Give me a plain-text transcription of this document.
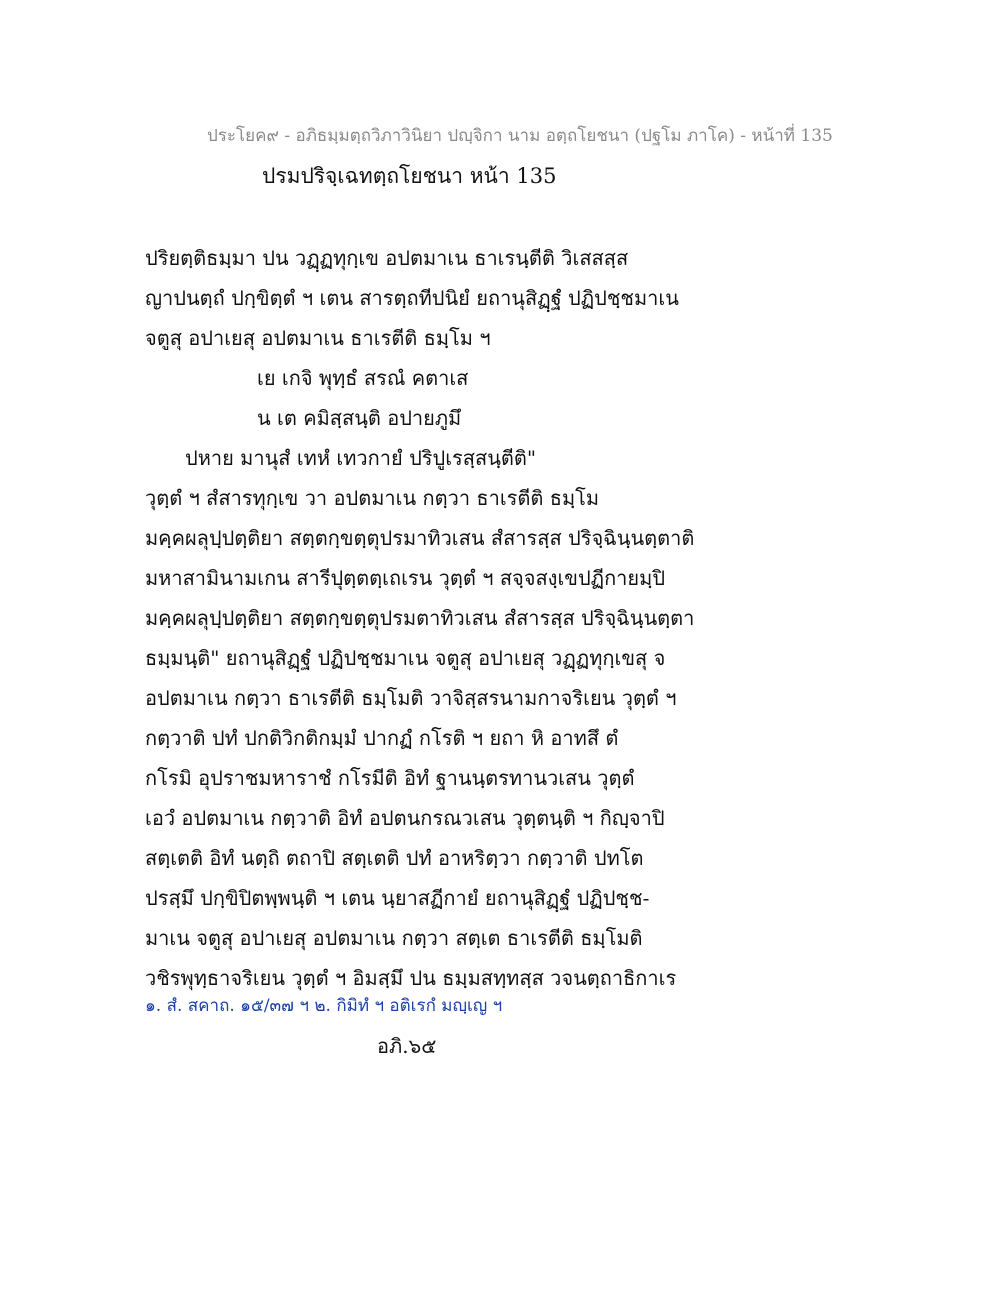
ประโยค๙ - อภิธมฺมตฺถวิภาวินิยา ปญฺจิกา นาม อตฺถโยชนา (ปฐโม ภาโค) - หน้าที่ 135
ปรมปริจฺเฉทตฺถโยชนา หน้า 135
ปริยตฺติธมฺมา ปน วฏฺฏทุกฺเข อปตมาเน ธาเรนฺตีติ วิเสสสฺส
ญาปนตฺถํ ปกฺขิตฺตํ ฯ เตน สารตฺถทีปนิยํ ยถานุสิฏฺฐํ ปฏิปชฺชมาเน
จตูสุ อปาเยสุ อปตมาเน ธาเรตีติ ธมฺโม ฯ
เย เกจิ พุทฺธํ สรณํ คตาเส
น เต คมิสฺสนฺติ อปายภูมึ
ปหาย มานุสํ เทหํ เทวกายํ ปริปูเรสฺสนฺตีติ"
วุตฺตํ ฯ สํสารทุกฺเข วา อปตมาเน กตฺวา ธาเรตีติ ธมฺโม
มคฺคผลุปฺปตฺติยา สตฺตกฺขตฺตุปรมาทิวเสน สํสารสฺส ปริจฺฉินฺนตฺตาติ
มหาสามินามเกน สารีปุตฺตตฺเถเรน วุตฺตํ ฯ สจฺจสงฺเขปฏีกายมฺปิ
มคฺคผลุปฺปตฺติยา สตฺตกฺขตฺตุปรมตาทิวเสน สํสารสฺส ปริจฺฉินฺนตฺตา
ธมฺมนฺติ" ยถานุสิฏฺฐํ ปฏิปชฺชมาเน จตูสุ อปาเยสุ วฏฺฏทุกฺเขสุ จ
อปตมาเน กตฺวา ธาเรตีติ ธมฺโมติ วาจิสฺสรนามกาจริเยน วุตฺตํ ฯ
กตฺวาติ ปทํ ปกติวิกติกมฺมํ ปากฏํ กโรติ ฯ ยถา หิ อาทสึ ตํ
กโรมิ อุปราชมหาราชํ กโรมีติ อิทํ ฐานนฺตรทานวเสน วุตฺตํ
เอวํ อปตมาเน กตฺวาติ อิทํ อปตนกรณวเสน วุตฺตนฺติ ฯ กิญฺจาปิ
สตฺเตติ อิทํ นตฺถิ ตถาปิ สตฺเตติ ปทํ อาหริตฺวา กตฺวาติ ปทโต
ปรสฺมึ ปกฺขิปิตพฺพนฺติ ฯ เตน นฺยาสฏีกายํ ยถานุสิฏฺฐํ ปฏิปชฺช-
มาเน จตูสุ อปาเยสุ อปตมาเน กตฺวา สตฺเต ธาเรตีติ ธมฺโมติ
วชิรพุทฺธาจริเยน วุตฺตํ ฯ อิมสฺมึ ปน ธมฺมสทฺทสฺส วจนตฺถาธิกาเร
๑. สํ. สคาถ. ๑๕/๓๗ ฯ ๒. กิมิทํ ฯ อติเรกํ มญฺเญ ฯ
อภิ.๖๕
